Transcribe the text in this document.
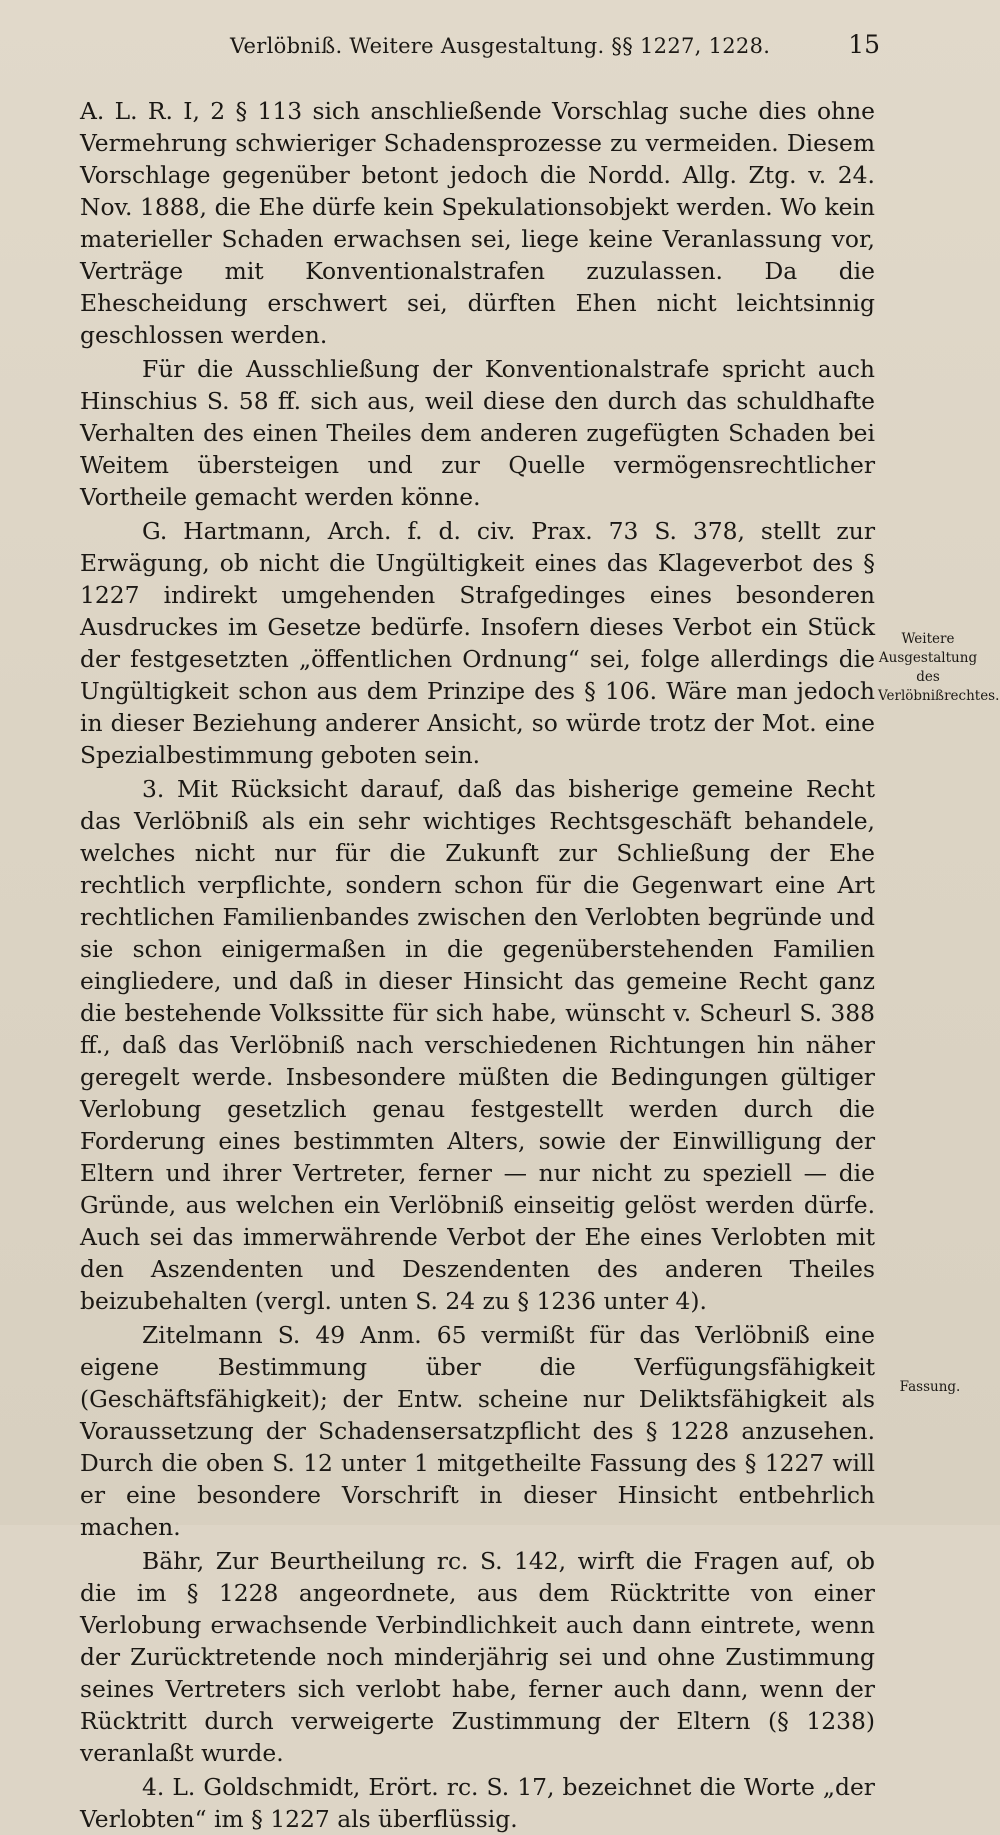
Verlöbniß. Weitere Ausgestaltung. §§ 1227, 1228.	15

A. L. R. I, 2 § 113 sich anschließende Vorschlag suche dies ohne Vermehrung schwieriger Schadensprozesse zu vermeiden. Diesem Vorschlage gegenüber betont jedoch die Nordd. Allg. Ztg. v. 24. Nov. 1888, die Ehe dürfe kein Spekulationsobjekt werden. Wo kein materieller Schaden erwachsen sei, liege keine Veranlassung vor, Verträge mit Konventionalstrafen zuzulassen. Da die Ehescheidung erschwert sei, dürften Ehen nicht leichtsinnig geschlossen werden.

Für die Ausschließung der Konventionalstrafe spricht auch Hinschius S. 58 ff. sich aus, weil diese den durch das schuldhafte Verhalten des einen Theiles dem anderen zugefügten Schaden bei Weitem übersteigen und zur Quelle vermögensrechtlicher Vortheile gemacht werden könne.

G. Hartmann, Arch. f. d. civ. Prax. 73 S. 378, stellt zur Erwägung, ob nicht die Ungültigkeit eines das Klageverbot des § 1227 indirekt umgehenden Strafgedinges eines besonderen Ausdruckes im Gesetze bedürfe. Insofern dieses Verbot ein Stück der festgesetzten „öffentlichen Ordnung“ sei, folge allerdings die Ungültigkeit schon aus dem Prinzipe des § 106. Wäre man jedoch in dieser Beziehung anderer Ansicht, so würde trotz der Mot. eine Spezialbestimmung geboten sein.

3. Mit Rücksicht darauf, daß das bisherige gemeine Recht das Verlöbniß als ein sehr wichtiges Rechtsgeschäft behandele, welches nicht nur für die Zukunft zur Schließung der Ehe rechtlich verpflichte, sondern schon für die Gegenwart eine Art rechtlichen Familienbandes zwischen den Verlobten begründe und sie schon einigermaßen in die gegenüberstehenden Familien eingliedere, und daß in dieser Hinsicht das gemeine Recht ganz die bestehende Volkssitte für sich habe, wünscht v. Scheurl S. 388 ff., daß das Verlöbniß nach verschiedenen Richtungen hin näher geregelt werde. Insbesondere müßten die Bedingungen gültiger Verlobung gesetzlich genau festgestellt werden durch die Forderung eines bestimmten Alters, sowie der Einwilligung der Eltern und ihrer Vertreter, ferner — nur nicht zu speziell — die Gründe, aus welchen ein Verlöbniß einseitig gelöst werden dürfe. Auch sei das immerwährende Verbot der Ehe eines Verlobten mit den Aszendenten und Deszendenten des anderen Theiles beizubehalten (vergl. unten S. 24 zu § 1236 unter 4).

Zitelmann S. 49 Anm. 65 vermißt für das Verlöbniß eine eigene Bestimmung über die Verfügungsfähigkeit (Geschäftsfähigkeit); der Entw. scheine nur Deliktsfähigkeit als Voraussetzung der Schadensersatzpflicht des § 1228 anzusehen. Durch die oben S. 12 unter 1 mitgetheilte Fassung des § 1227 will er eine besondere Vorschrift in dieser Hinsicht entbehrlich machen.

Bähr, Zur Beurtheilung rc. S. 142, wirft die Fragen auf, ob die im § 1228 angeordnete, aus dem Rücktritte von einer Verlobung erwachsende Verbindlichkeit auch dann eintrete, wenn der Zurücktretende noch minderjährig sei und ohne Zustimmung seines Vertreters sich verlobt habe, ferner auch dann, wenn der Rücktritt durch verweigerte Zustimmung der Eltern (§ 1238) veranlaßt wurde.

4. L. Goldschmidt, Erört. rc. S. 17, bezeichnet die Worte „der Verlobten“ im § 1227 als überflüssig.

Weitere Ausgestaltung des Verlöbnißrechtes.
Fassung.
